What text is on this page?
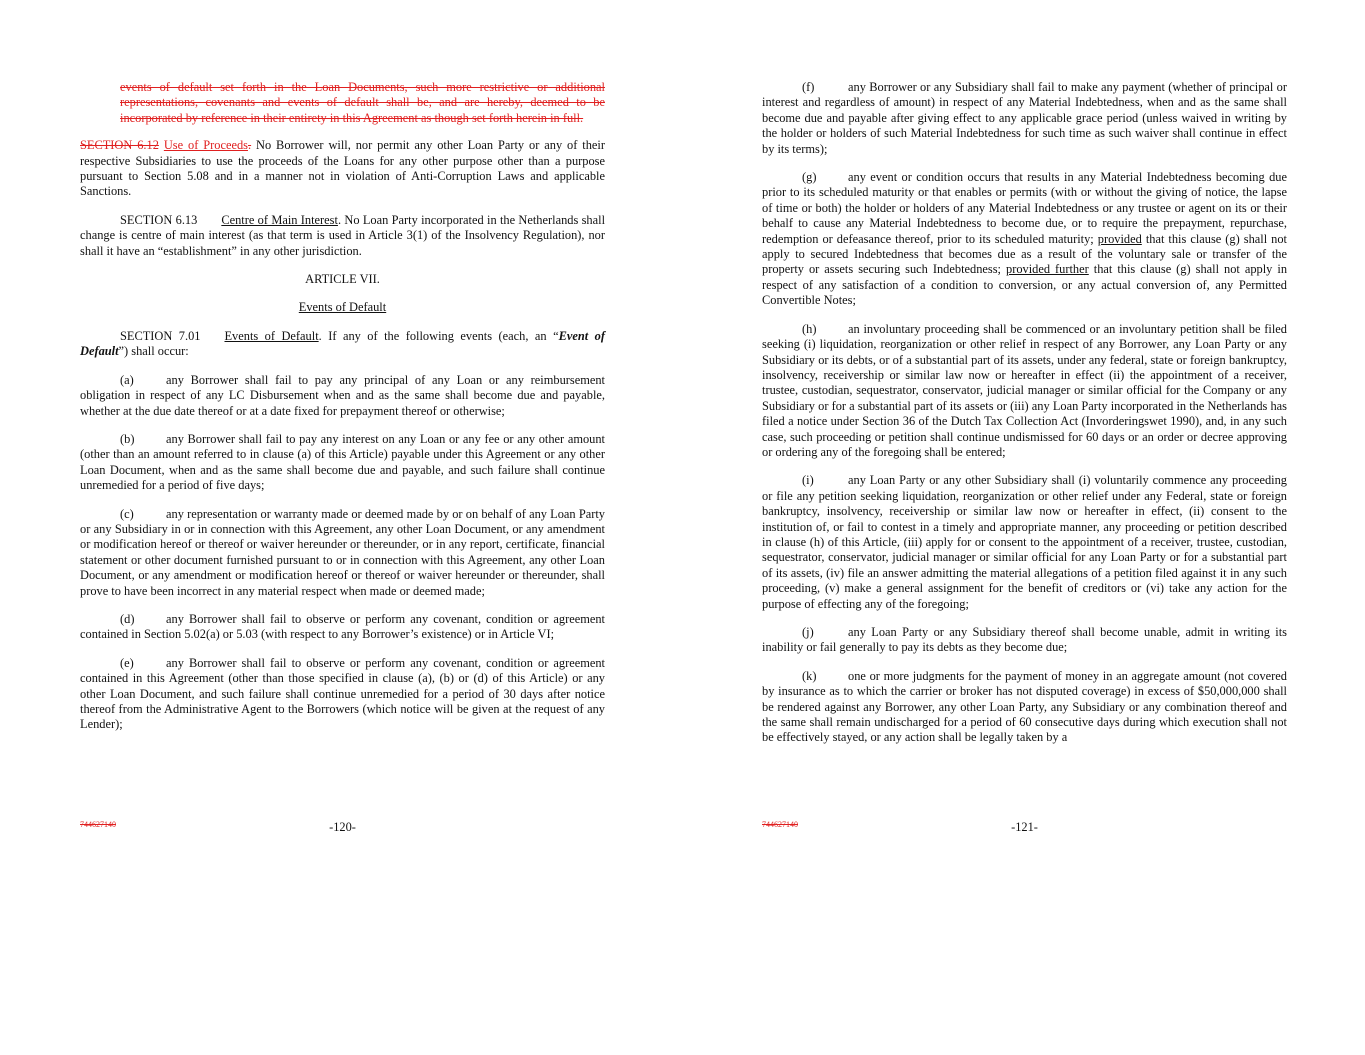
events of default set forth in the Loan Documents, such more restrictive or additional representations, covenants and events of default shall be, and are hereby, deemed to be incorporated by reference in their entirety in this Agreement as though set forth herein in full.

SECTION 6.12 Use of Proceeds. No Borrower will, nor permit any other Loan Party or any of their respective Subsidiaries to use the proceeds of the Loans for any other purpose other than a purpose pursuant to Section 5.08 and in a manner not in violation of Anti-Corruption Laws and applicable Sanctions.

SECTION 6.13 Centre of Main Interest. No Loan Party incorporated in the Netherlands shall change is centre of main interest (as that term is used in Article 3(1) of the Insolvency Regulation), nor shall it have an “establishment” in any other jurisdiction.

ARTICLE VII.

Events of Default

SECTION 7.01 Events of Default. If any of the following events (each, an “Event of Default”) shall occur:

(a)	any Borrower shall fail to pay any principal of any Loan or any reimbursement obligation in respect of any LC Disbursement when and as the same shall become due and payable, whether at the due date thereof or at a date fixed for prepayment thereof or otherwise;

(b)	any Borrower shall fail to pay any interest on any Loan or any fee or any other amount (other than an amount referred to in clause (a) of this Article) payable under this Agreement or any other Loan Document, when and as the same shall become due and payable, and such failure shall continue unremedied for a period of five days;

(c)	any representation or warranty made or deemed made by or on behalf of any Loan Party or any Subsidiary in or in connection with this Agreement, any other Loan Document, or any amendment or modification hereof or thereof or waiver hereunder or thereunder, or in any report, certificate, financial statement or other document furnished pursuant to or in connection with this Agreement, any other Loan Document, or any amendment or modification hereof or thereof or waiver hereunder or thereunder, shall prove to have been incorrect in any material respect when made or deemed made;

(d)	any Borrower shall fail to observe or perform any covenant, condition or agreement contained in Section 5.02(a) or 5.03 (with respect to any Borrower’s existence) or in Article VI;

(e)	any Borrower shall fail to observe or perform any covenant, condition or agreement contained in this Agreement (other than those specified in clause (a), (b) or (d) of this Article) or any other Loan Document, and such failure shall continue unremedied for a period of 30 days after notice thereof from the Administrative Agent to the Borrowers (which notice will be given at the request of any Lender);

744627140	-120-

(f)	any Borrower or any Subsidiary shall fail to make any payment (whether of principal or interest and regardless of amount) in respect of any Material Indebtedness, when and as the same shall become due and payable after giving effect to any applicable grace period (unless waived in writing by the holder or holders of such Material Indebtedness for such time as such waiver shall continue in effect by its terms);

(g)	any event or condition occurs that results in any Material Indebtedness becoming due prior to its scheduled maturity or that enables or permits (with or without the giving of notice, the lapse of time or both) the holder or holders of any Material Indebtedness or any trustee or agent on its or their behalf to cause any Material Indebtedness to become due, or to require the prepayment, repurchase, redemption or defeasance thereof, prior to its scheduled maturity; provided that this clause (g) shall not apply to secured Indebtedness that becomes due as a result of the voluntary sale or transfer of the property or assets securing such Indebtedness; provided further that this clause (g) shall not apply in respect of any satisfaction of a condition to conversion, or any actual conversion of, any Permitted Convertible Notes;

(h)	an involuntary proceeding shall be commenced or an involuntary petition shall be filed seeking (i) liquidation, reorganization or other relief in respect of any Borrower, any Loan Party or any Subsidiary or its debts, or of a substantial part of its assets, under any federal, state or foreign bankruptcy, insolvency, receivership or similar law now or hereafter in effect (ii) the appointment of a receiver, trustee, custodian, sequestrator, conservator, judicial manager or similar official for the Company or any Subsidiary or for a substantial part of its assets or (iii) any Loan Party incorporated in the Netherlands has filed a notice under Section 36 of the Dutch Tax Collection Act (Invorderingswet 1990), and, in any such case, such proceeding or petition shall continue undismissed for 60 days or an order or decree approving or ordering any of the foregoing shall be entered;

(i)	any Loan Party or any other Subsidiary shall (i) voluntarily commence any proceeding or file any petition seeking liquidation, reorganization or other relief under any Federal, state or foreign bankruptcy, insolvency, receivership or similar law now or hereafter in effect, (ii) consent to the institution of, or fail to contest in a timely and appropriate manner, any proceeding or petition described in clause (h) of this Article, (iii) apply for or consent to the appointment of a receiver, trustee, custodian, sequestrator, conservator, judicial manager or similar official for any Loan Party or for a substantial part of its assets, (iv) file an answer admitting the material allegations of a petition filed against it in any such proceeding, (v) make a general assignment for the benefit of creditors or (vi) take any action for the purpose of effecting any of the foregoing;

(j)	any Loan Party or any Subsidiary thereof shall become unable, admit in writing its inability or fail generally to pay its debts as they become due;

(k)	one or more judgments for the payment of money in an aggregate amount (not covered by insurance as to which the carrier or broker has not disputed coverage) in excess of $50,000,000 shall be rendered against any Borrower, any other Loan Party, any Subsidiary or any combination thereof and the same shall remain undischarged for a period of 60 consecutive days during which execution shall not be effectively stayed, or any action shall be legally taken by a

744627140	-121-
